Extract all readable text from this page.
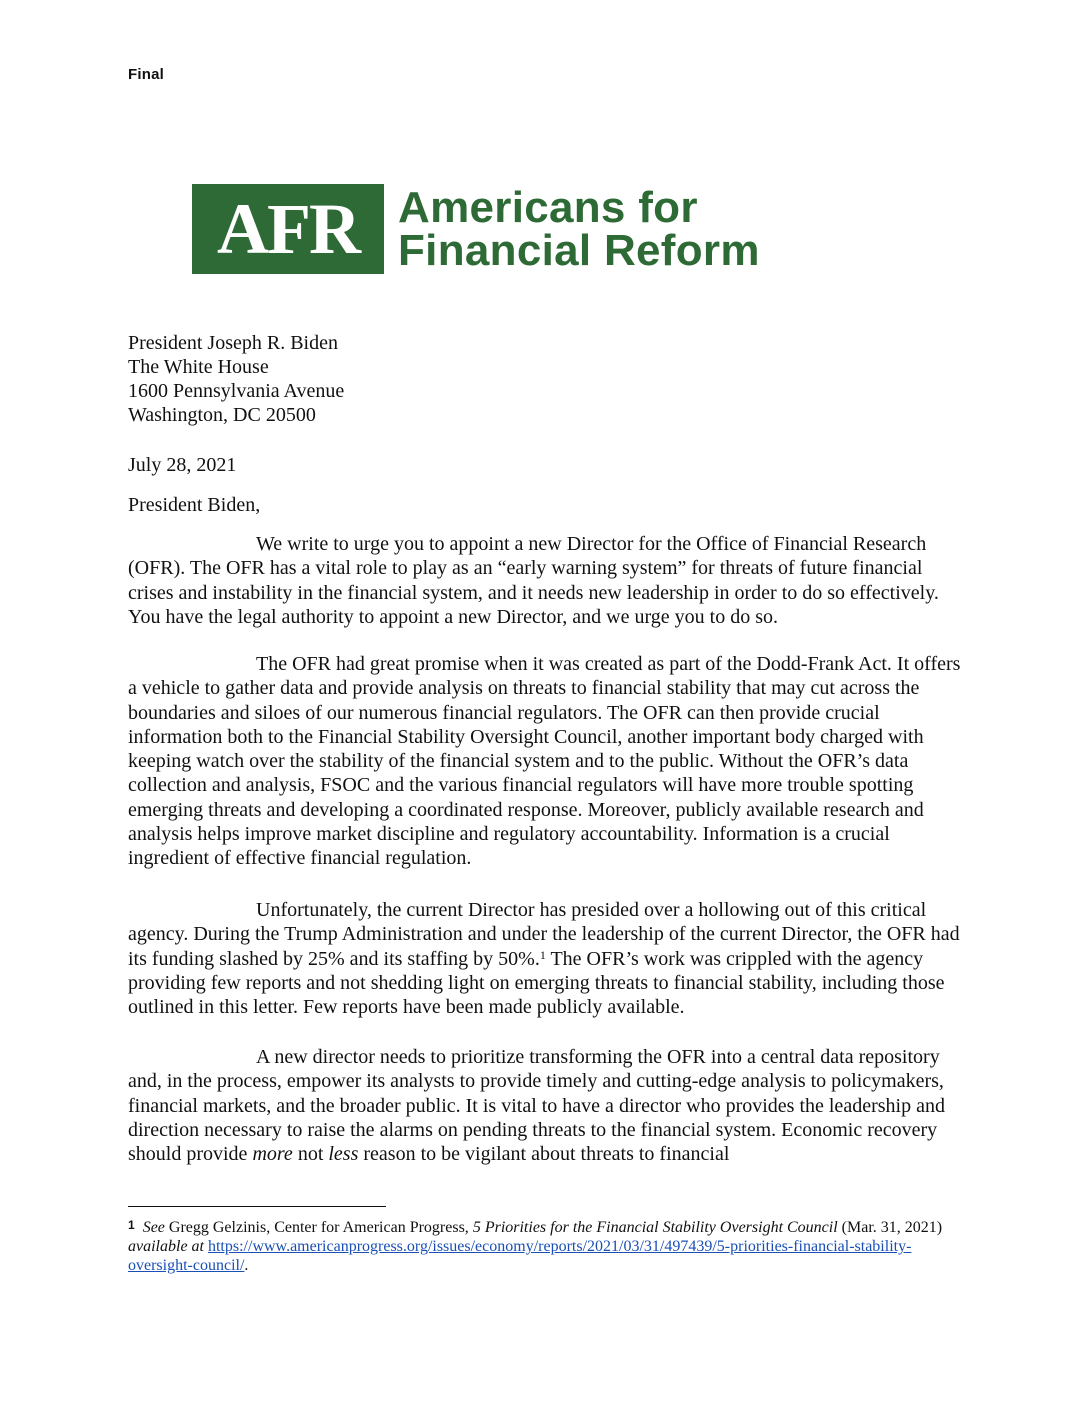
Final
AFR Americans for
Financial Reform
President Joseph R. Biden
The White House
1600 Pennsylvania Avenue
Washington, DC 20500
July 28, 2021
President Biden,
We write to urge you to appoint a new Director for the Office of Financial Research (OFR). The OFR has a vital role to play as an “early warning system” for threats of future financial crises and instability in the financial system, and it needs new leadership in order to do so effectively. You have the legal authority to appoint a new Director, and we urge you to do so.
The OFR had great promise when it was created as part of the Dodd-Frank Act. It offers a vehicle to gather data and provide analysis on threats to financial stability that may cut across the boundaries and siloes of our numerous financial regulators. The OFR can then provide crucial information both to the Financial Stability Oversight Council, another important body charged with keeping watch over the stability of the financial system and to the public. Without the OFR’s data collection and analysis, FSOC and the various financial regulators will have more trouble spotting emerging threats and developing a coordinated response. Moreover, publicly available research and analysis helps improve market discipline and regulatory accountability. Information is a crucial ingredient of effective financial regulation.
Unfortunately, the current Director has presided over a hollowing out of this critical agency. During the Trump Administration and under the leadership of the current Director, the OFR had its funding slashed by 25% and its staffing by 50%.$^1$ The OFR’s work was crippled with the agency providing few reports and not shedding light on emerging threats to financial stability, including those outlined in this letter. Few reports have been made publicly available.
A new director needs to prioritize transforming the OFR into a central data repository and, in the process, empower its analysts to provide timely and cutting-edge analysis to policymakers, financial markets, and the broader public. It is vital to have a director who provides the leadership and direction necessary to raise the alarms on pending threats to the financial system. Economic recovery should provide more not less reason to be vigilant about threats to financial
1 See Gregg Gelzinis, Center for American Progress, 5 Priorities for the Financial Stability Oversight Council (Mar. 31, 2021) available at https://www.americanprogress.org/issues/economy/reports/2021/03/31/497439/5-priorities-financial-stability-oversight-council/.
